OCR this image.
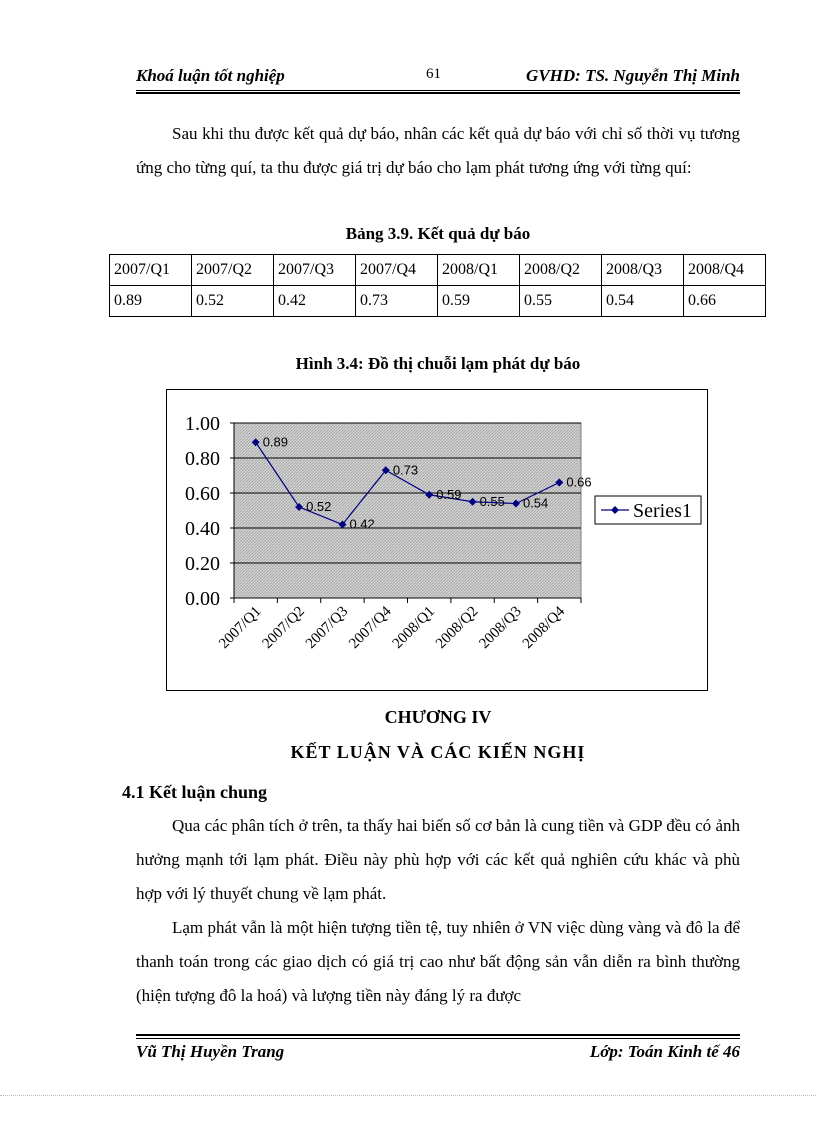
Khoá luận tốt nghiệp	61	GVHD: TS. Nguyễn Thị Minh

Sau khi thu được kết quả dự báo, nhân các kết quả dự báo với chỉ số thời vụ tương ứng cho từng quí, ta thu được giá trị dự báo cho lạm phát tương ứng với từng quí:

Bảng 3.9. Kết quả dự báo
2007/Q1	2007/Q2	2007/Q3	2007/Q4	2008/Q1	2008/Q2	2008/Q3	2008/Q4
0.89	0.52	0.42	0.73	0.59	0.55	0.54	0.66
Hình 3.4: Đồ thị chuỗi lạm phát dự báo
1.00
0.80
0.60
0.40
0.20
0.00
2007/Q1
2007/Q2
2007/Q3
2007/Q4
2008/Q1
2008/Q2
2008/Q3
2008/Q4
0.89
0.52
0.42
0.73
0.59 0.55 0.54
0.66
Series1
CHƯƠNG IV
KẾT LUẬN VÀ CÁC KIẾN NGHỊ
4.1 Kết luận chung

Qua các phân tích ở trên, ta thấy hai biến số cơ bản là cung tiền và GDP đều có ảnh hưởng mạnh tới lạm phát. Điều này phù hợp với các kết quả nghiên cứu khác và phù hợp với lý thuyết chung về lạm phát.

Lạm phát vẫn là một hiện tượng tiền tệ, tuy nhiên ở VN việc dùng vàng và đô la để thanh toán trong các giao dịch có giá trị cao như bất động sản vẫn diễn ra bình thường (hiện tượng đô la hoá) và lượng tiền này đáng lý ra được

Vũ Thị Huyền Trang	Lớp: Toán Kinh tế 46
